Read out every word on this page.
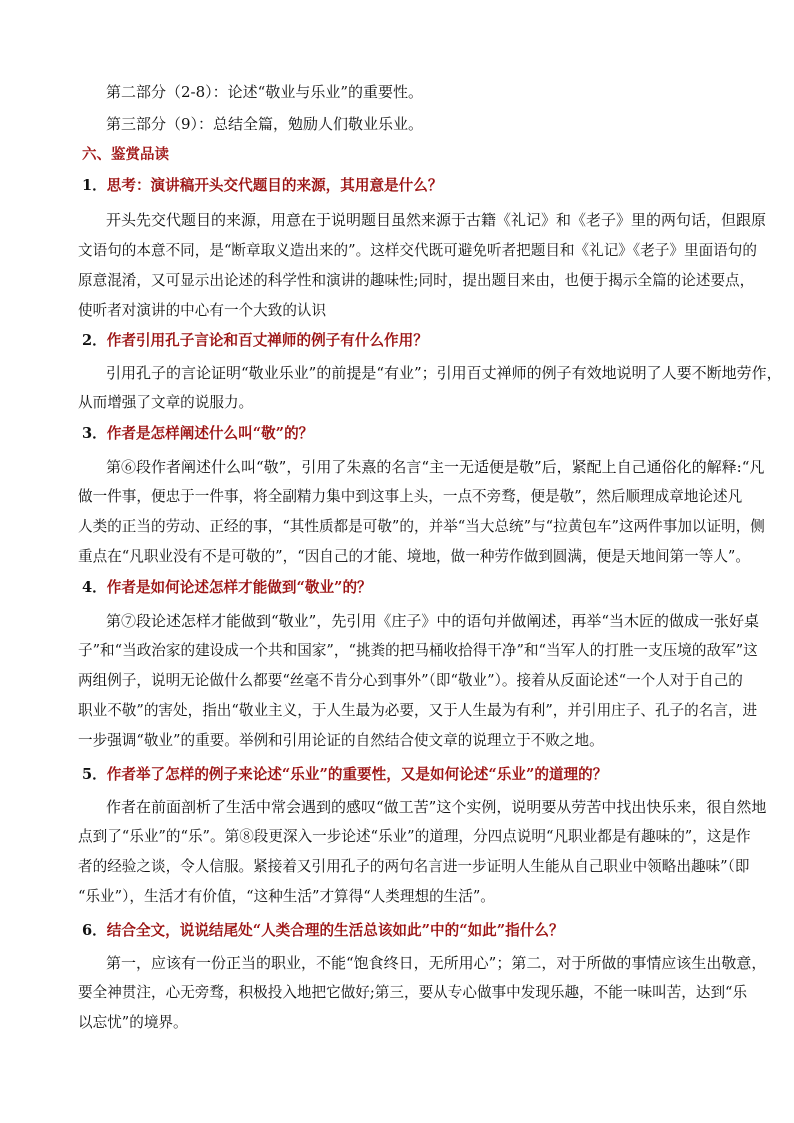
第二部分（2-8）：论述“敬业与乐业”的重要性。
第三部分（9）：总结全篇，勉励人们敬业乐业。
六、鉴赏品读
1．思考：演讲稿开头交代题目的来源，其用意是什么？
开头先交代题目的来源，用意在于说明题目虽然来源于古籍《礼记》和《老子》里的两句话，但跟原
文语句的本意不同，是“断章取义造出来的”。这样交代既可避免听者把题目和《礼记》《老子》里面语句的
原意混淆，又可显示出论述的科学性和演讲的趣味性;同时，提出题目来由，也便于揭示全篇的论述要点，
使听者对演讲的中心有一个大致的认识
2．作者引用孔子言论和百丈禅师的例子有什么作用？
引用孔子的言论证明“敬业乐业”的前提是“有业”；引用百丈禅师的例子有效地说明了人要不断地劳作，
从而增强了文章的说服力。
3．作者是怎样阐述什么叫“敬”的？
第⑥段作者阐述什么叫“敬”，引用了朱熹的名言“主一无适便是敬”后，紧配上自己通俗化的解释:“凡
做一件事，便忠于一件事，将全副精力集中到这事上头，一点不旁骛，便是敬”，然后顺理成章地论述凡
人类的正当的劳动、正经的事，“其性质都是可敬”的，并举“当大总统”与“拉黄包车”这两件事加以证明，侧
重点在“凡职业没有不是可敬的”，“因自己的才能、境地，做一种劳作做到圆满，便是天地间第一等人”。
4．作者是如何论述怎样才能做到“敬业”的？
第⑦段论述怎样才能做到“敬业”，先引用《庄子》中的语句并做阐述，再举“当木匠的做成一张好桌
子”和“当政治家的建设成一个共和国家”，“挑粪的把马桶收拾得干净”和“当军人的打胜一支压境的敌军”这
两组例子，说明无论做什么都要“丝毫不肯分心到事外”（即“敬业”）。接着从反面论述“一个人对于自己的
职业不敬”的害处，指出“敬业主义，于人生最为必要，又于人生最为有利”，并引用庄子、孔子的名言，进
一步强调“敬业”的重要。举例和引用论证的自然结合使文章的说理立于不败之地。
5．作者举了怎样的例子来论述“乐业”的重要性，又是如何论述“乐业”的道理的？
作者在前面剖析了生活中常会遇到的感叹“做工苦”这个实例，说明要从劳苦中找出快乐来，很自然地
点到了“乐业”的“乐”。第⑧段更深入一步论述“乐业”的道理，分四点说明“凡职业都是有趣味的”，这是作
者的经验之谈，令人信服。紧接着又引用孔子的两句名言进一步证明人生能从自己职业中领略出趣味”（即
“乐业”），生活才有价值，“这种生活”才算得“人类理想的生活”。
6．结合全文，说说结尾处“人类合理的生活总该如此”中的“如此”指什么？
第一，应该有一份正当的职业，不能“饱食终日，无所用心”；第二，对于所做的事情应该生出敬意，
要全神贯注，心无旁骛，积极投入地把它做好;第三，要从专心做事中发现乐趣，不能一味叫苦，达到“乐
以忘忧”的境界。
